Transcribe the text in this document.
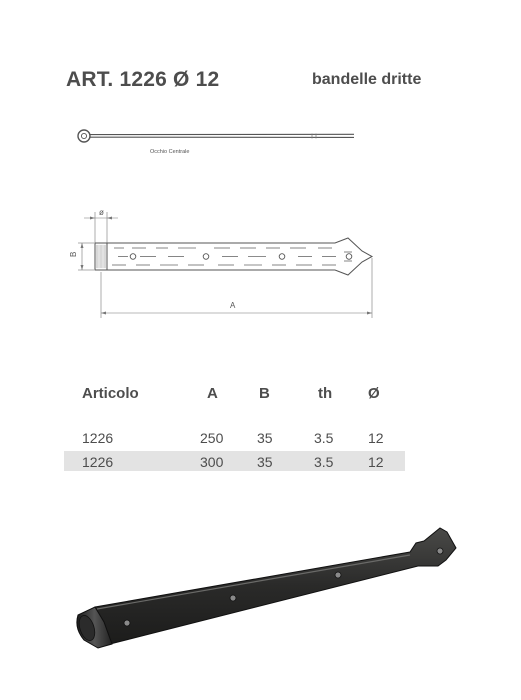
ART. 1226 Ø 12	bandelle dritte
Occhio Centrale
ø
B
A
Articolo	A	B	th Ø
1226	250 35	3.5 12
1226	300 35	3.5 12
